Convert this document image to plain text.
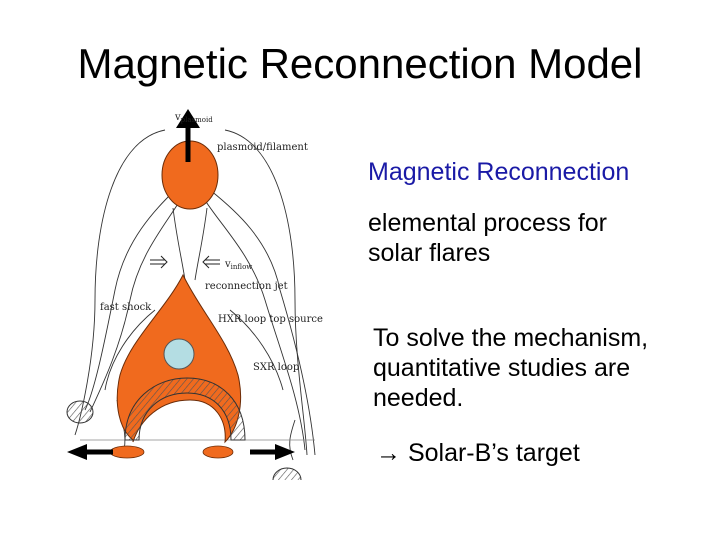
Magnetic Reconnection Model
$v_{plasmoid}$
plasmoid/filament
$v_{inflow}$
reconnection jet
fast shock
HXR loop top source
SXR loop
Magnetic Reconnection
elemental process for solar flares
To solve the mechanism, quantitative studies are needed.
→ Solar-B’s target
